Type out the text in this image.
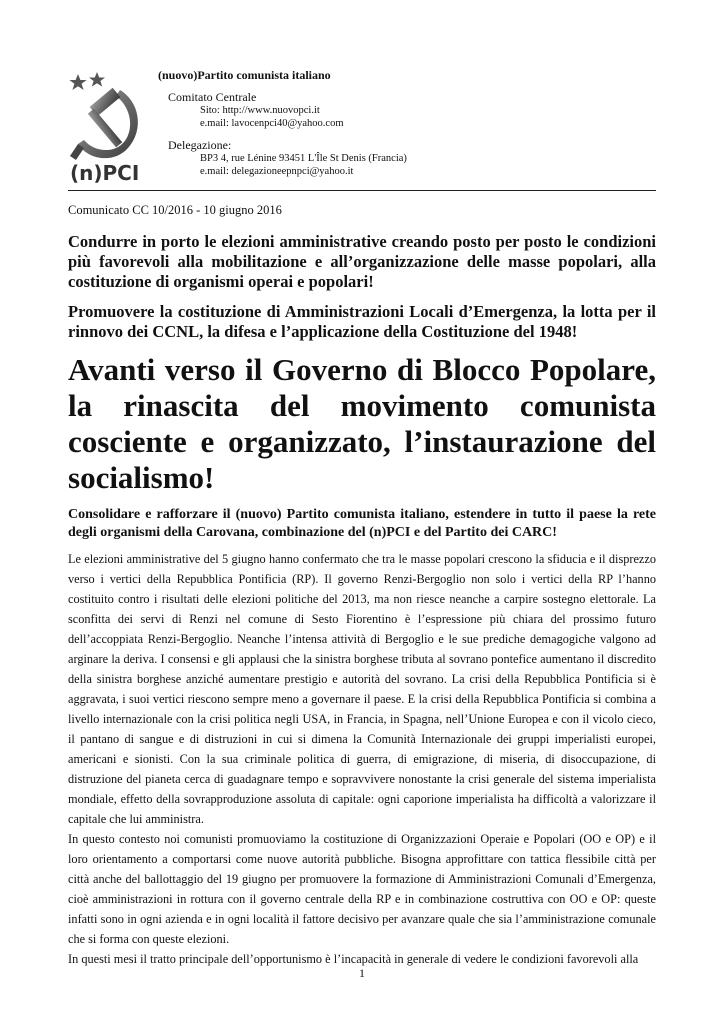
(n)PCI
(nuovo)Partito comunista italiano
Comitato Centrale
Sito: http://www.nuovopci.it
e.mail: lavocenpci40@yahoo.com
Delegazione:
BP3 4, rue Lénine 93451 L'Île St Denis (Francia)
e.mail: delegazioneepnpci@yahoo.it
Comunicato CC 10/2016 - 10 giugno 2016
Condurre in porto le elezioni amministrative creando posto per posto le condizioni più favorevoli alla mobilitazione e all’organizzazione delle masse popolari, alla costituzione di organismi operai e popolari!
Promuovere la costituzione di Amministrazioni Locali d’Emergenza, la lotta per il rinnovo dei CCNL, la difesa e l’applicazione della Costituzione del 1948!
Avanti verso il Governo di Blocco Popolare, la rinascita del movimento comunista cosciente e organizzato, l’instaurazione del socialismo!
Consolidare e rafforzare il (nuovo) Partito comunista italiano, estendere in tutto il paese la rete degli organismi della Carovana, combinazione del (n)PCI e del Partito dei CARC!

Le elezioni amministrative del 5 giugno hanno confermato che tra le masse popolari crescono la sfiducia e il disprezzo verso i vertici della Repubblica Pontificia (RP). Il governo Renzi-Bergoglio non solo i vertici della RP l’hanno costituito contro i risultati delle elezioni politiche del 2013, ma non riesce neanche a carpire sostegno elettorale. La sconfitta dei servi di Renzi nel comune di Sesto Fiorentino è l’espressione più chiara del prossimo futuro dell’accoppiata Renzi-Bergoglio. Neanche l’intensa attività di Bergoglio e le sue prediche demagogiche valgono ad arginare la deriva. I consensi e gli applausi che la sinistra borghese tributa al sovrano pontefice aumentano il discredito della sinistra borghese anziché aumentare prestigio e autorità del sovrano. La crisi della Repubblica Pontificia si è aggravata, i suoi vertici riescono sempre meno a governare il paese. E la crisi della Repubblica Pontificia si combina a livello internazionale con la crisi politica negli USA, in Francia, in Spagna, nell’Unione Europea e con il vicolo cieco, il pantano di sangue e di distruzioni in cui si dimena la Comunità Internazionale dei gruppi imperialisti europei, americani e sionisti. Con la sua criminale politica di guerra, di emigrazione, di miseria, di disoccupazione, di distruzione del pianeta cerca di guadagnare tempo e sopravvivere nonostante la crisi generale del sistema imperialista mondiale, effetto della sovrapproduzione assoluta di capitale: ogni caporione imperialista ha difficoltà a valorizzare il capitale che lui amministra.

In questo contesto noi comunisti promuoviamo la costituzione di Organizzazioni Operaie e Popolari (OO e OP) e il loro orientamento a comportarsi come nuove autorità pubbliche. Bisogna approfittare con tattica flessibile città per città anche del ballottaggio del 19 giugno per promuovere la formazione di Amministrazioni Comunali d’Emergenza, cioè amministrazioni in rottura con il governo centrale della RP e in combinazione costruttiva con OO e OP: queste infatti sono in ogni azienda e in ogni località il fattore decisivo per avanzare quale che sia l’amministrazione comunale che si forma con queste elezioni.

In questi mesi il tratto principale dell’opportunismo è l’incapacità in generale di vedere le condizioni favorevoli alla

1
